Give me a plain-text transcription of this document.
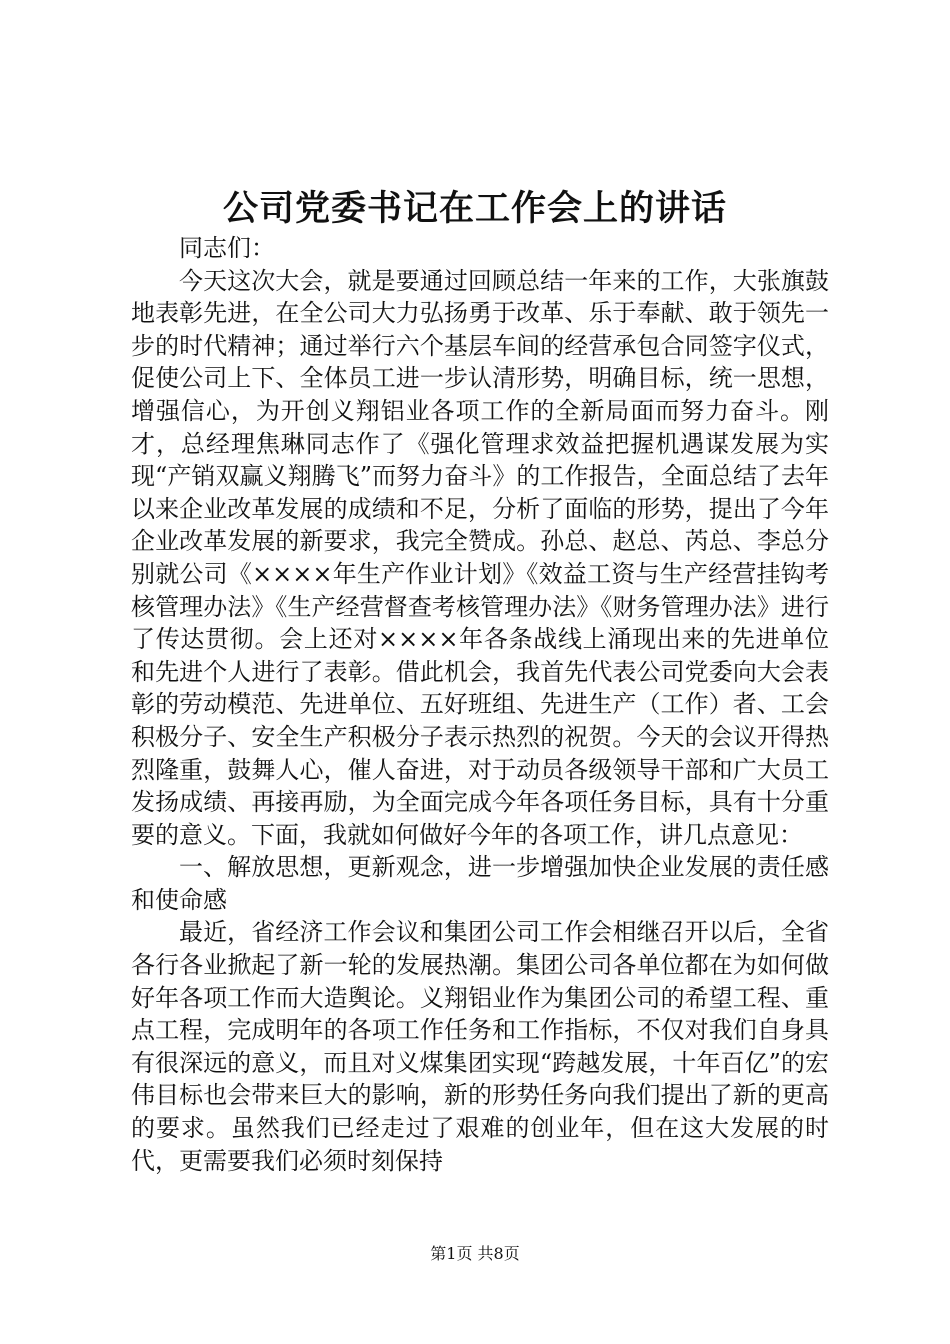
公司党委书记在工作会上的讲话

同志们：

今天这次大会，就是要通过回顾总结一年来的工作，大张旗鼓地表彰先进，在全公司大力弘扬勇于改革、乐于奉献、敢于领先一步的时代精神；通过举行六个基层车间的经营承包合同签字仪式，促使公司上下、全体员工进一步认清形势，明确目标，统一思想，增强信心，为开创义翔铝业各项工作的全新局面而努力奋斗。刚才，总经理焦琳同志作了《强化管理求效益把握机遇谋发展为实现“产销双赢义翔腾飞”而努力奋斗》的工作报告，全面总结了去年以来企业改革发展的成绩和不足，分析了面临的形势，提出了今年企业改革发展的新要求，我完全赞成。孙总、赵总、芮总、李总分别就公司《××××年生产作业计划》《效益工资与生产经营挂钩考核管理办法》《生产经营督查考核管理办法》《财务管理办法》进行了传达贯彻。会上还对××××年各条战线上涌现出来的先进单位和先进个人进行了表彰。借此机会，我首先代表公司党委向大会表彰的劳动模范、先进单位、五好班组、先进生产（工作）者、工会积极分子、安全生产积极分子表示热烈的祝贺。今天的会议开得热烈隆重，鼓舞人心，催人奋进，对于动员各级领导干部和广大员工发扬成绩、再接再励，为全面完成今年各项任务目标，具有十分重要的意义。下面，我就如何做好今年的各项工作，讲几点意见：

一、解放思想，更新观念，进一步增强加快企业发展的责任感和使命感

最近，省经济工作会议和集团公司工作会相继召开以后，全省各行各业掀起了新一轮的发展热潮。集团公司各单位都在为如何做好年各项工作而大造舆论。义翔铝业作为集团公司的希望工程、重点工程，完成明年的各项工作任务和工作指标，不仅对我们自身具有很深远的意义，而且对义煤集团实现“跨越发展，十年百亿”的宏伟目标也会带来巨大的影响，新的形势任务向我们提出了新的更高的要求。虽然我们已经走过了艰难的创业年，但在这大发展的时代，更需要我们必须时刻保持

第1页 共8页
